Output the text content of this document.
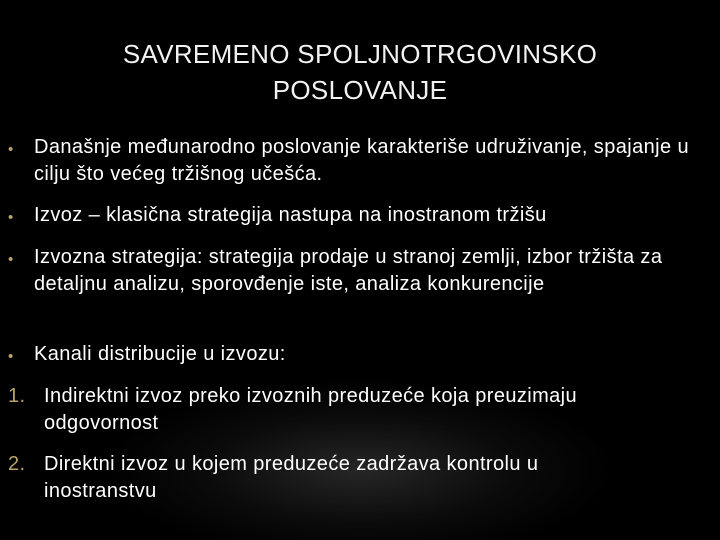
SAVREMENO SPOLJNOTRGOVINSKO
POSLOVANJE
• Današnje međunarodno poslovanje karakteriše udruživanje, spajanje u cilju što većeg tržišnog učešća.
• Izvoz – klasična strategija nastupa na inostranom tržišu
• Izvozna strategija: strategija prodaje u stranoj zemlji, izbor tržišta za detaljnu analizu, sporovđenje iste, analiza konkurencije
• Kanali distribucije u izvozu:
1. Indirektni izvoz preko izvoznih preduzeće koja preuzimaju odgovornost
2. Direktni izvoz u kojem preduzeće zadržava kontrolu u inostranstvu
